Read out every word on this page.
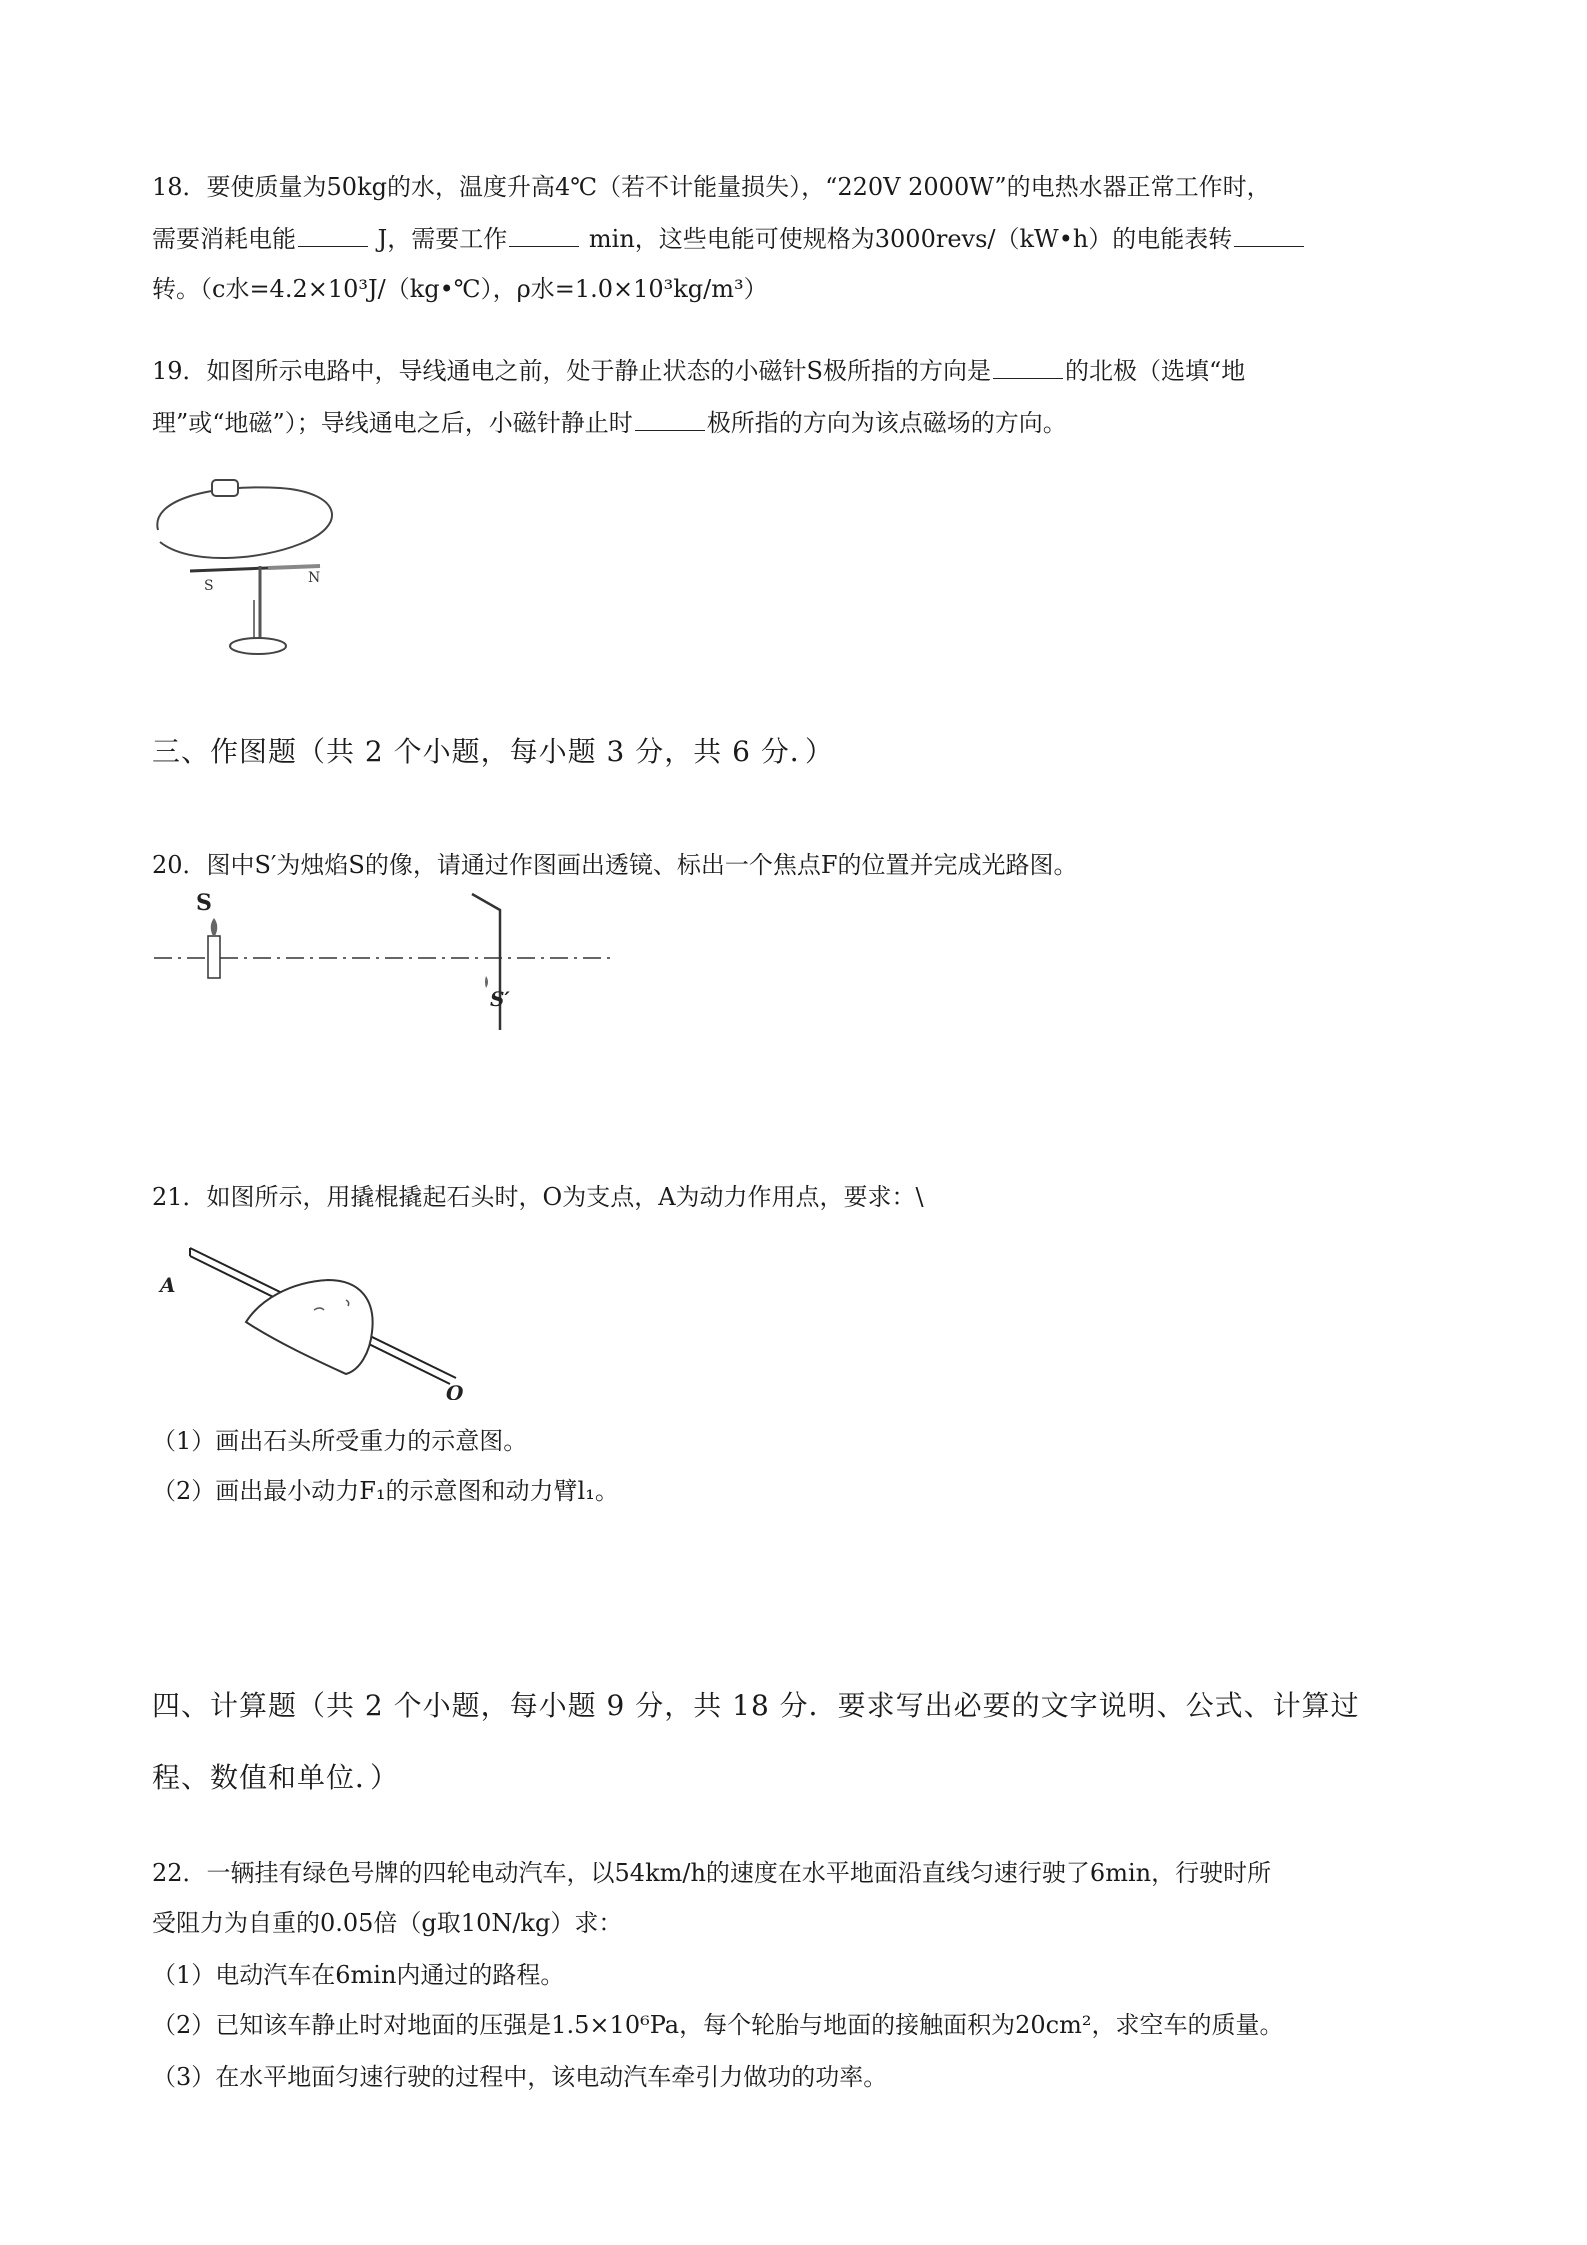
18．要使质量为50kg的水，温度升高4℃（若不计能量损失），“220V 2000W”的电热水器正常工作时，
需要消耗电能	J，需要工作	min，这些电能可使规格为3000revs/（kW•h）的电能表转
转。（c水=4.2×10³J/（kg•℃），ρ水=1.0×10³kg/m³）
19．如图所示电路中，导线通电之前，处于静止状态的小磁针S极所指的方向是	的北极（选填“地
理”或“地磁”）；导线通电之后，小磁针静止时	极所指的方向为该点磁场的方向。
S	N
三、作图题（共 2 个小题，每小题 3 分，共 6 分．）
20．图中S′为烛焰S的像，请通过作图画出透镜、标出一个焦点F的位置并完成光路图。
S
S′
21．如图所示，用撬棍撬起石头时，O为支点，A为动力作用点，要求：\
A
O
（1）画出石头所受重力的示意图。
（2）画出最小动力F₁的示意图和动力臂l₁。
四、计算题（共 2 个小题，每小题 9 分，共 18 分．要求写出必要的文字说明、公式、计算过
程、数值和单位．）
22．一辆挂有绿色号牌的四轮电动汽车，以54km/h的速度在水平地面沿直线匀速行驶了6min，行驶时所
受阻力为自重的0.05倍（g取10N/kg）求：
（1）电动汽车在6min内通过的路程。
（2）已知该车静止时对地面的压强是1.5×10⁶Pa，每个轮胎与地面的接触面积为20cm²，求空车的质量。
（3）在水平地面匀速行驶的过程中，该电动汽车牵引力做功的功率。
